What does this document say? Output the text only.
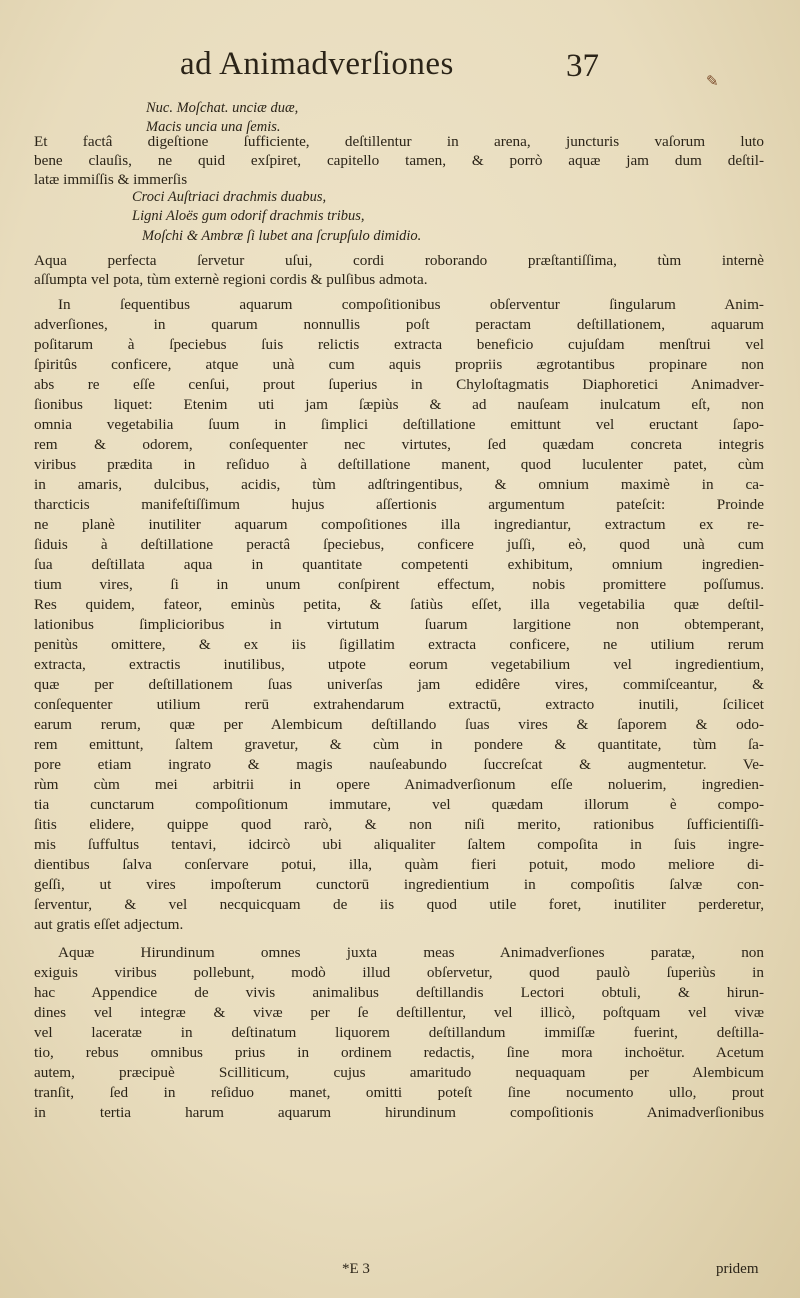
ad Animadverſiones	37	✎
Nuc. Moſchat. unciæ duæ,
Macis uncia una ſemis.
Et factâ digeſtione ſufficiente, deſtillentur in arena, juncturis vaſorum luto
bene clauſis, ne quid exſpiret, capitello tamen, & porrò aquæ jam dum deſtil-
latæ immiſſis & immerſis
Croci Auſtriaci drachmis duabus,
Ligni Aloës gum odorif drachmis tribus,
Moſchi & Ambræ ſi lubet ana ſcrupſulo dimidio.
Aqua perfecta ſervetur uſui, cordi roborando præſtantiſſima, tùm internè
aſſumpta vel pota, tùm externè regioni cordis & pulſibus admota.
In ſequentibus aquarum compoſitionibus obſerventur ſingularum Anim-
adverſiones, in quarum nonnullis poſt peractam deſtillationem, aquarum
poſitarum à ſpeciebus ſuis relictis extracta beneficio cujuſdam menſtrui vel
ſpiritûs conficere, atque unà cum aquis propriis ægrotantibus propinare non
abs re eſſe cenſui, prout ſuperius in Chyloſtagmatis Diaphoretici Animadver-
ſionibus liquet: Etenim uti jam ſæpiùs & ad nauſeam inulcatum eſt, non
omnia vegetabilia ſuum in ſimplici deſtillatione emittunt vel eructant ſapo-
rem & odorem, conſequenter nec virtutes, ſed quædam concreta integris
viribus prædita in reſiduo à deſtillatione manent, quod luculenter patet, cùm
in amaris, dulcibus, acidis, tùm adſtringentibus, & omnium maximè in ca-
tharcticis manifeſtiſſimum hujus aſſertionis argumentum pateſcit: Proinde
ne planè inutiliter aquarum compoſitiones illa ingrediantur, extractum ex re-
ſiduis à deſtillatione peractâ ſpeciebus, conficere juſſi, eò, quod unà cum
ſua deſtillata aqua in quantitate competenti exhibitum, omnium ingredien-
tium vires, ſi in unum conſpirent effectum, nobis promittere poſſumus.
Res quidem, fateor, eminùs petita, & ſatiùs eſſet, illa vegetabilia quæ deſtil-
lationibus ſimplicioribus in virtutum ſuarum largitione non obtemperant,
penitùs omittere, & ex iis ſigillatim extracta conficere, ne utilium rerum
extracta, extractis inutilibus, utpote eorum vegetabilium vel ingredientium,
quæ per deſtillationem ſuas univerſas jam edidêre vires, commiſceantur, &
conſequenter utilium rerū extrahendarum extractū, extracto inutili, ſcilicet
earum rerum, quæ per Alembicum deſtillando ſuas vires & ſaporem & odo-
rem emittunt, ſaltem gravetur, & cùm in pondere & quantitate, tùm ſa-
pore etiam ingrato & magis nauſeabundo ſuccreſcat & augmentetur. Ve-
rùm cùm mei arbitrii in opere Animadverſionum eſſe noluerim, ingredien-
tia cunctarum compoſitionum immutare, vel quædam illorum è compo-
ſitis elidere, quippe quod rarò, & non niſi merito, rationibus ſufficientiſſi-
mis ſuffultus tentavi, idcircò ubi aliqualiter ſaltem compoſita in ſuis ingre-
dientibus ſalva conſervare potui, illa, quàm fieri potuit, modo meliore di-
geſſi, ut vires impoſterum cunctorū ingredientium in compoſitis ſalvæ con-
ſerventur, & vel necquicquam de iis quod utile foret, inutiliter perderetur,
aut gratis eſſet adjectum.
Aquæ Hirundinum omnes juxta meas Animadverſiones paratæ, non
exiguis viribus pollebunt, modò illud obſervetur, quod paulò ſuperiùs in
hac Appendice de vivis animalibus deſtillandis Lectori obtuli, & hirun-
dines vel integræ & vivæ per ſe deſtillentur, vel illicò, poſtquam vel vivæ
vel laceratæ in deſtinatum liquorem deſtillandum immiſſæ fuerint, deſtilla-
tio, rebus omnibus prius in ordinem redactis, ſine mora inchoëtur. Acetum
autem, præcipuè Scilliticum, cujus amaritudo nequaquam per Alembicum
tranſit, ſed in reſiduo manet, omitti poteſt ſine nocumento ullo, prout
in tertia harum aquarum hirundinum compoſitionis Animadverſionibus
*E 3	pridem
